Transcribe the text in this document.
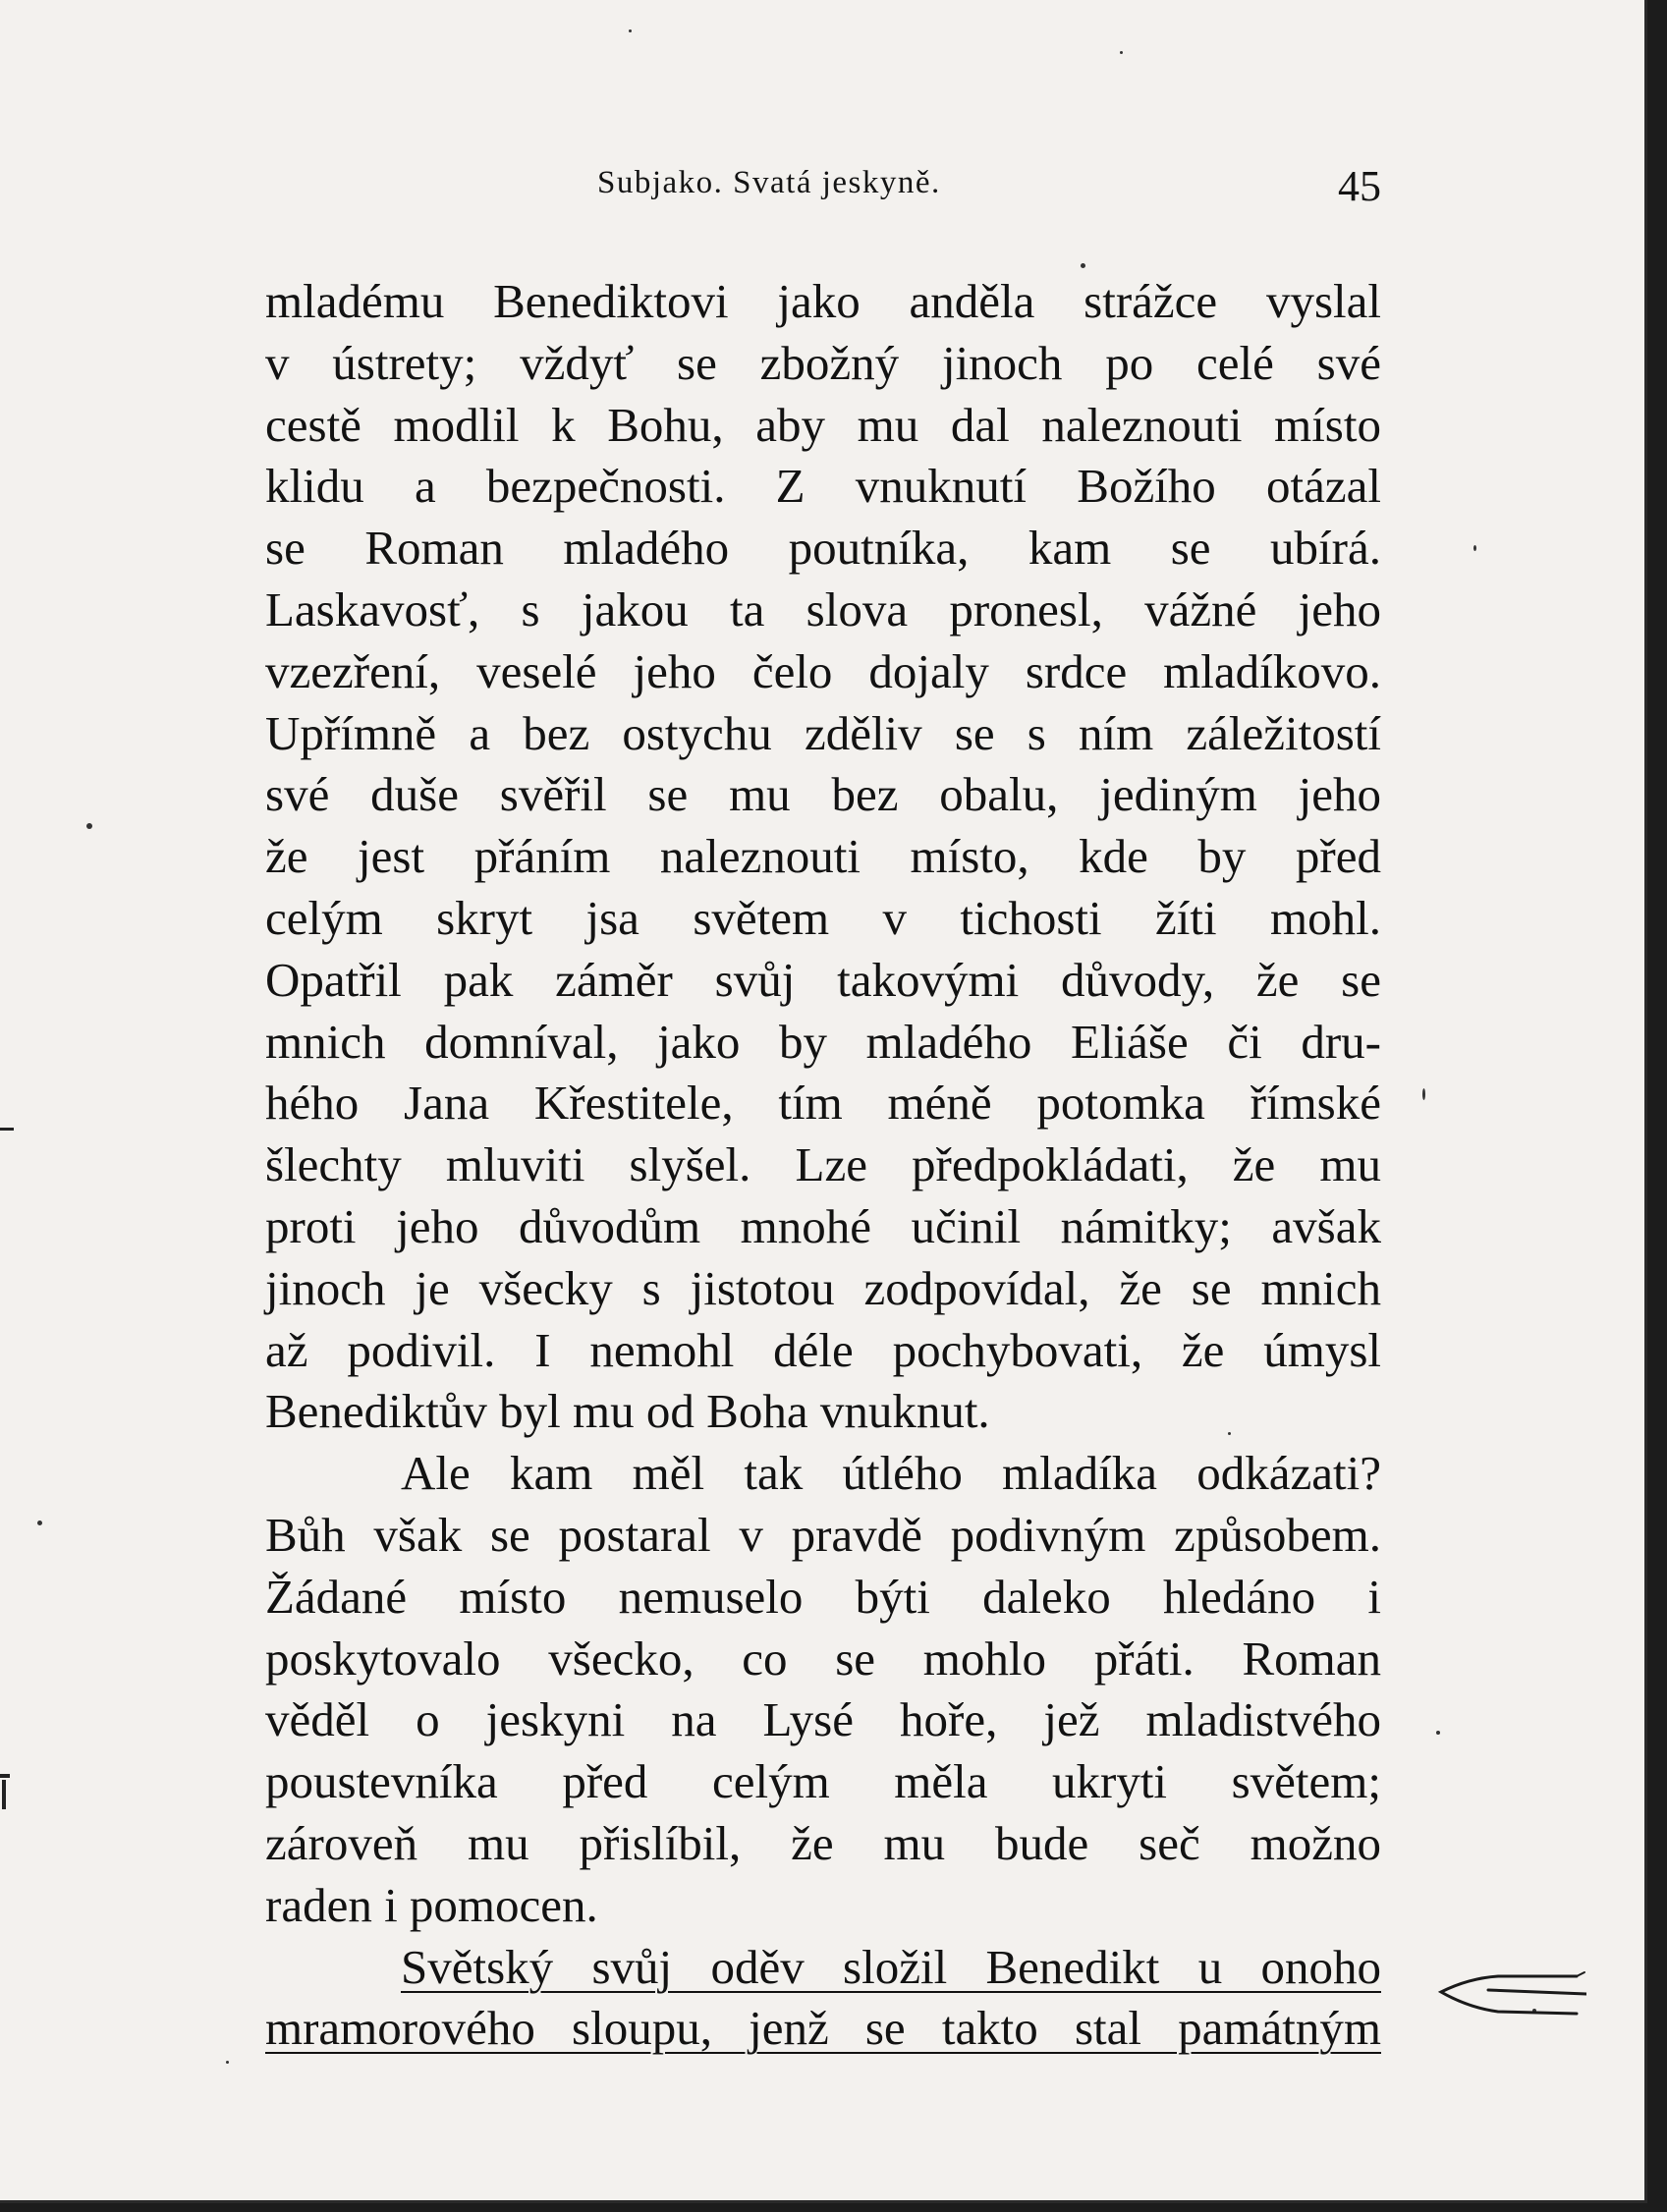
Subjako. Svatá jeskyně.	45
mladému Benediktovi jako anděla strážce vyslal
v ústrety; vždyť se zbožný jinoch po celé své
cestě modlil k Bohu, aby mu dal naleznouti místo
klidu a bezpečnosti. Z vnuknutí Božího otázal
se Roman mladého poutníka, kam se ubírá.
Laskavosť, s jakou ta slova pronesl, vážné jeho
vzezření, veselé jeho čelo dojaly srdce mladíkovo.
Upřímně a bez ostychu zděliv se s ním záležitostí
své duše svěřil se mu bez obalu, jediným jeho
že jest přáním naleznouti místo, kde by před
celým skryt jsa světem v tichosti žíti mohl.
Opatřil pak záměr svůj takovými důvody, že se
mnich domníval, jako by mladého Eliáše či dru-
hého Jana Křestitele, tím méně potomka římské
šlechty mluviti slyšel. Lze předpokládati, že mu
proti jeho důvodům mnohé učinil námitky; avšak
jinoch je všecky s jistotou zodpovídal, že se mnich
až podivil. I nemohl déle pochybovati, že úmysl
Benediktův byl mu od Boha vnuknut.
Ale kam měl tak útlého mladíka odkázati?
Bůh však se postaral v pravdě podivným způsobem.
Žádané místo nemuselo býti daleko hledáno i
poskytovalo všecko, co se mohlo přáti. Roman
věděl o jeskyni na Lysé hoře, jež mladistvého
poustevníka před celým měla ukryti světem;
zároveň mu přislíbil, že mu bude seč možno
raden i pomocen.
Světský svůj oděv složil Benedikt u onoho
mramorového sloupu, jenž se takto stal památným
